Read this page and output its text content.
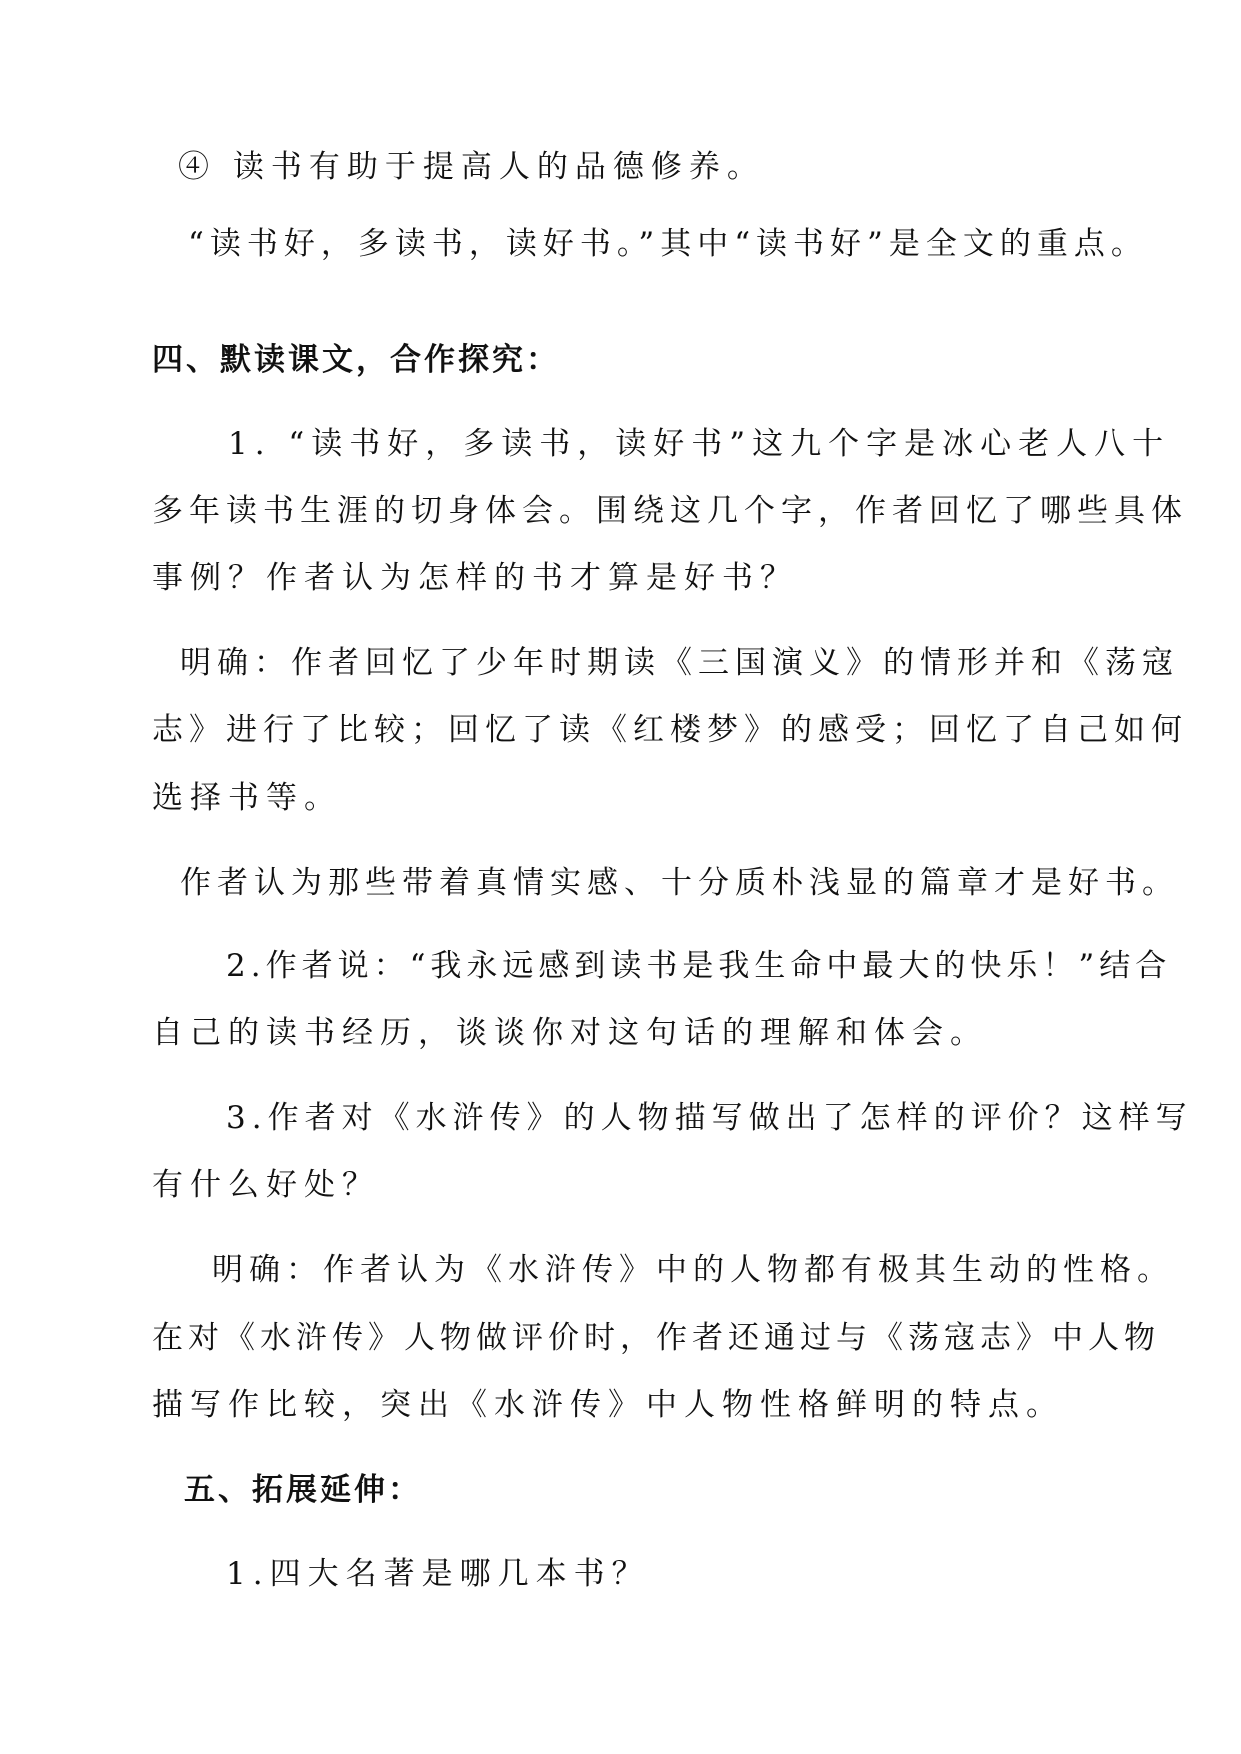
④ 读书有助于提高人的品德修养。

“读书好，多读书，读好书。”其中“读书好”是全文的重点。

四、默读课文，合作探究：

1. “读书好，多读书，读好书”这九个字是冰心老人八十

多年读书生涯的切身体会。围绕这几个字，作者回忆了哪些具体

事例？作者认为怎样的书才算是好书？

明确：作者回忆了少年时期读《三国演义》的情形并和《荡寇

志》进行了比较；回忆了读《红楼梦》的感受；回忆了自己如何

选择书等。

作者认为那些带着真情实感、十分质朴浅显的篇章才是好书。

2.作者说：“我永远感到读书是我生命中最大的快乐！”结合

自己的读书经历，谈谈你对这句话的理解和体会。

3.作者对《水浒传》的人物描写做出了怎样的评价？这样写

有什么好处？

明确：作者认为《水浒传》中的人物都有极其生动的性格。

在对《水浒传》人物做评价时，作者还通过与《荡寇志》中人物

描写作比较，突出《水浒传》中人物性格鲜明的特点。

五、拓展延伸：

1.四大名著是哪几本书？
